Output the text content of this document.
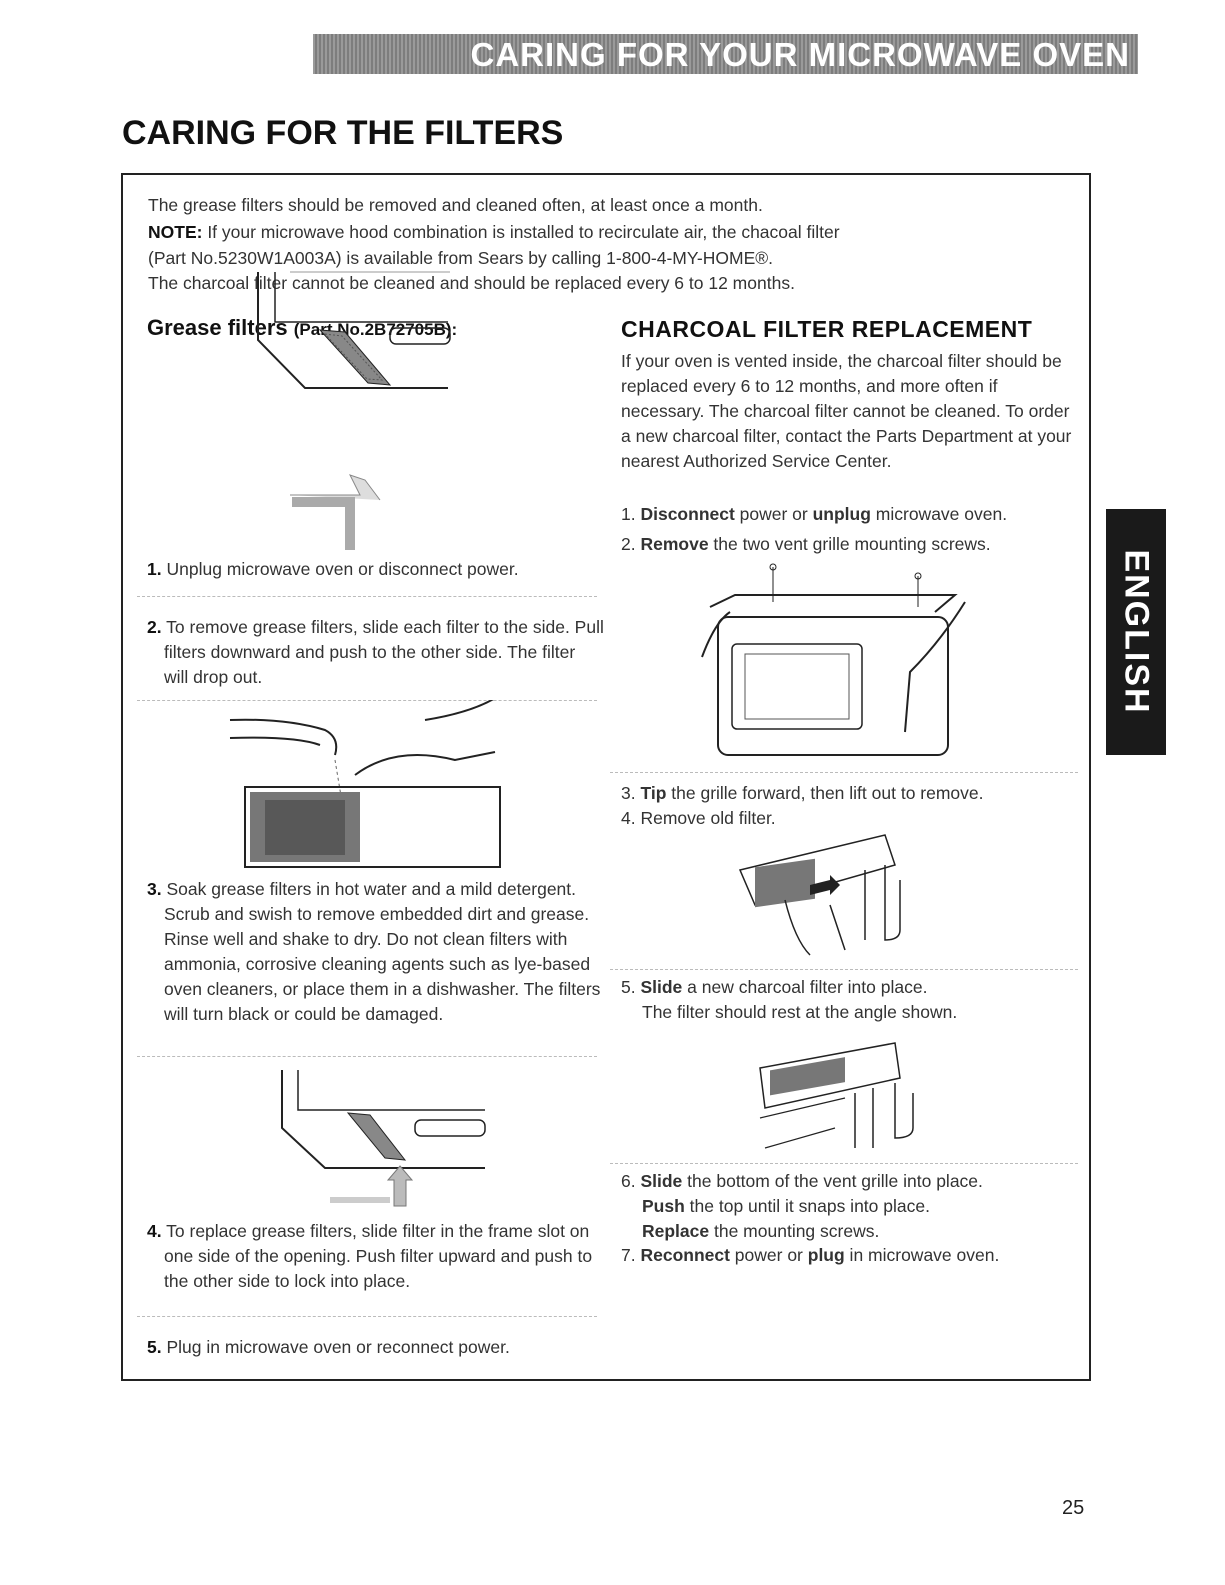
CARING FOR YOUR MICROWAVE OVEN
CARING FOR THE FILTERS

The grease filters should be removed and cleaned often, at least once a month.

NOTE: If your microwave hood combination is installed to recirculate air, the chacoal filter

(Part No.5230W1A003A) is available from Sears by calling 1-800-4-MY-HOME®.

The charcoal filter cannot be cleaned and should be replaced every 6 to 12 months.

Grease filters (Part No.2B72705B):
1. Unplug microwave oven or disconnect power.
2. To remove grease filters, slide each filter to the side. Pull filters downward and push to the other side. The filter will drop out.
3. Soak grease filters in hot water and a mild detergent. Scrub and swish to remove embedded dirt and grease. Rinse well and shake to dry. Do not clean filters with ammonia, corrosive cleaning agents such as lye-based oven cleaners, or place them in a dishwasher. The filters will turn black or could be damaged.
4. To replace grease filters, slide filter in the frame slot on one side of the opening. Push filter upward and push to the other side to lock into place.
5. Plug in microwave oven or reconnect power.
CHARCOAL FILTER REPLACEMENT
If your oven is vented inside, the charcoal filter should be replaced every 6 to 12 months, and more often if necessary. The charcoal filter cannot be cleaned. To order a new charcoal filter, contact the Parts Department at your nearest Authorized Service Center.
1. Disconnect power or unplug microwave oven.
2. Remove the two vent grille mounting screws.
3. Tip the grille forward, then lift out to remove.
4. Remove old filter.
5. Slide a new charcoal filter into place.
The filter should rest at the angle shown.
6. Slide the bottom of the vent grille into place.
Push the top until it snaps into place.
Replace the mounting screws.
7. Reconnect power or plug in microwave oven.
ENGLISH
25
